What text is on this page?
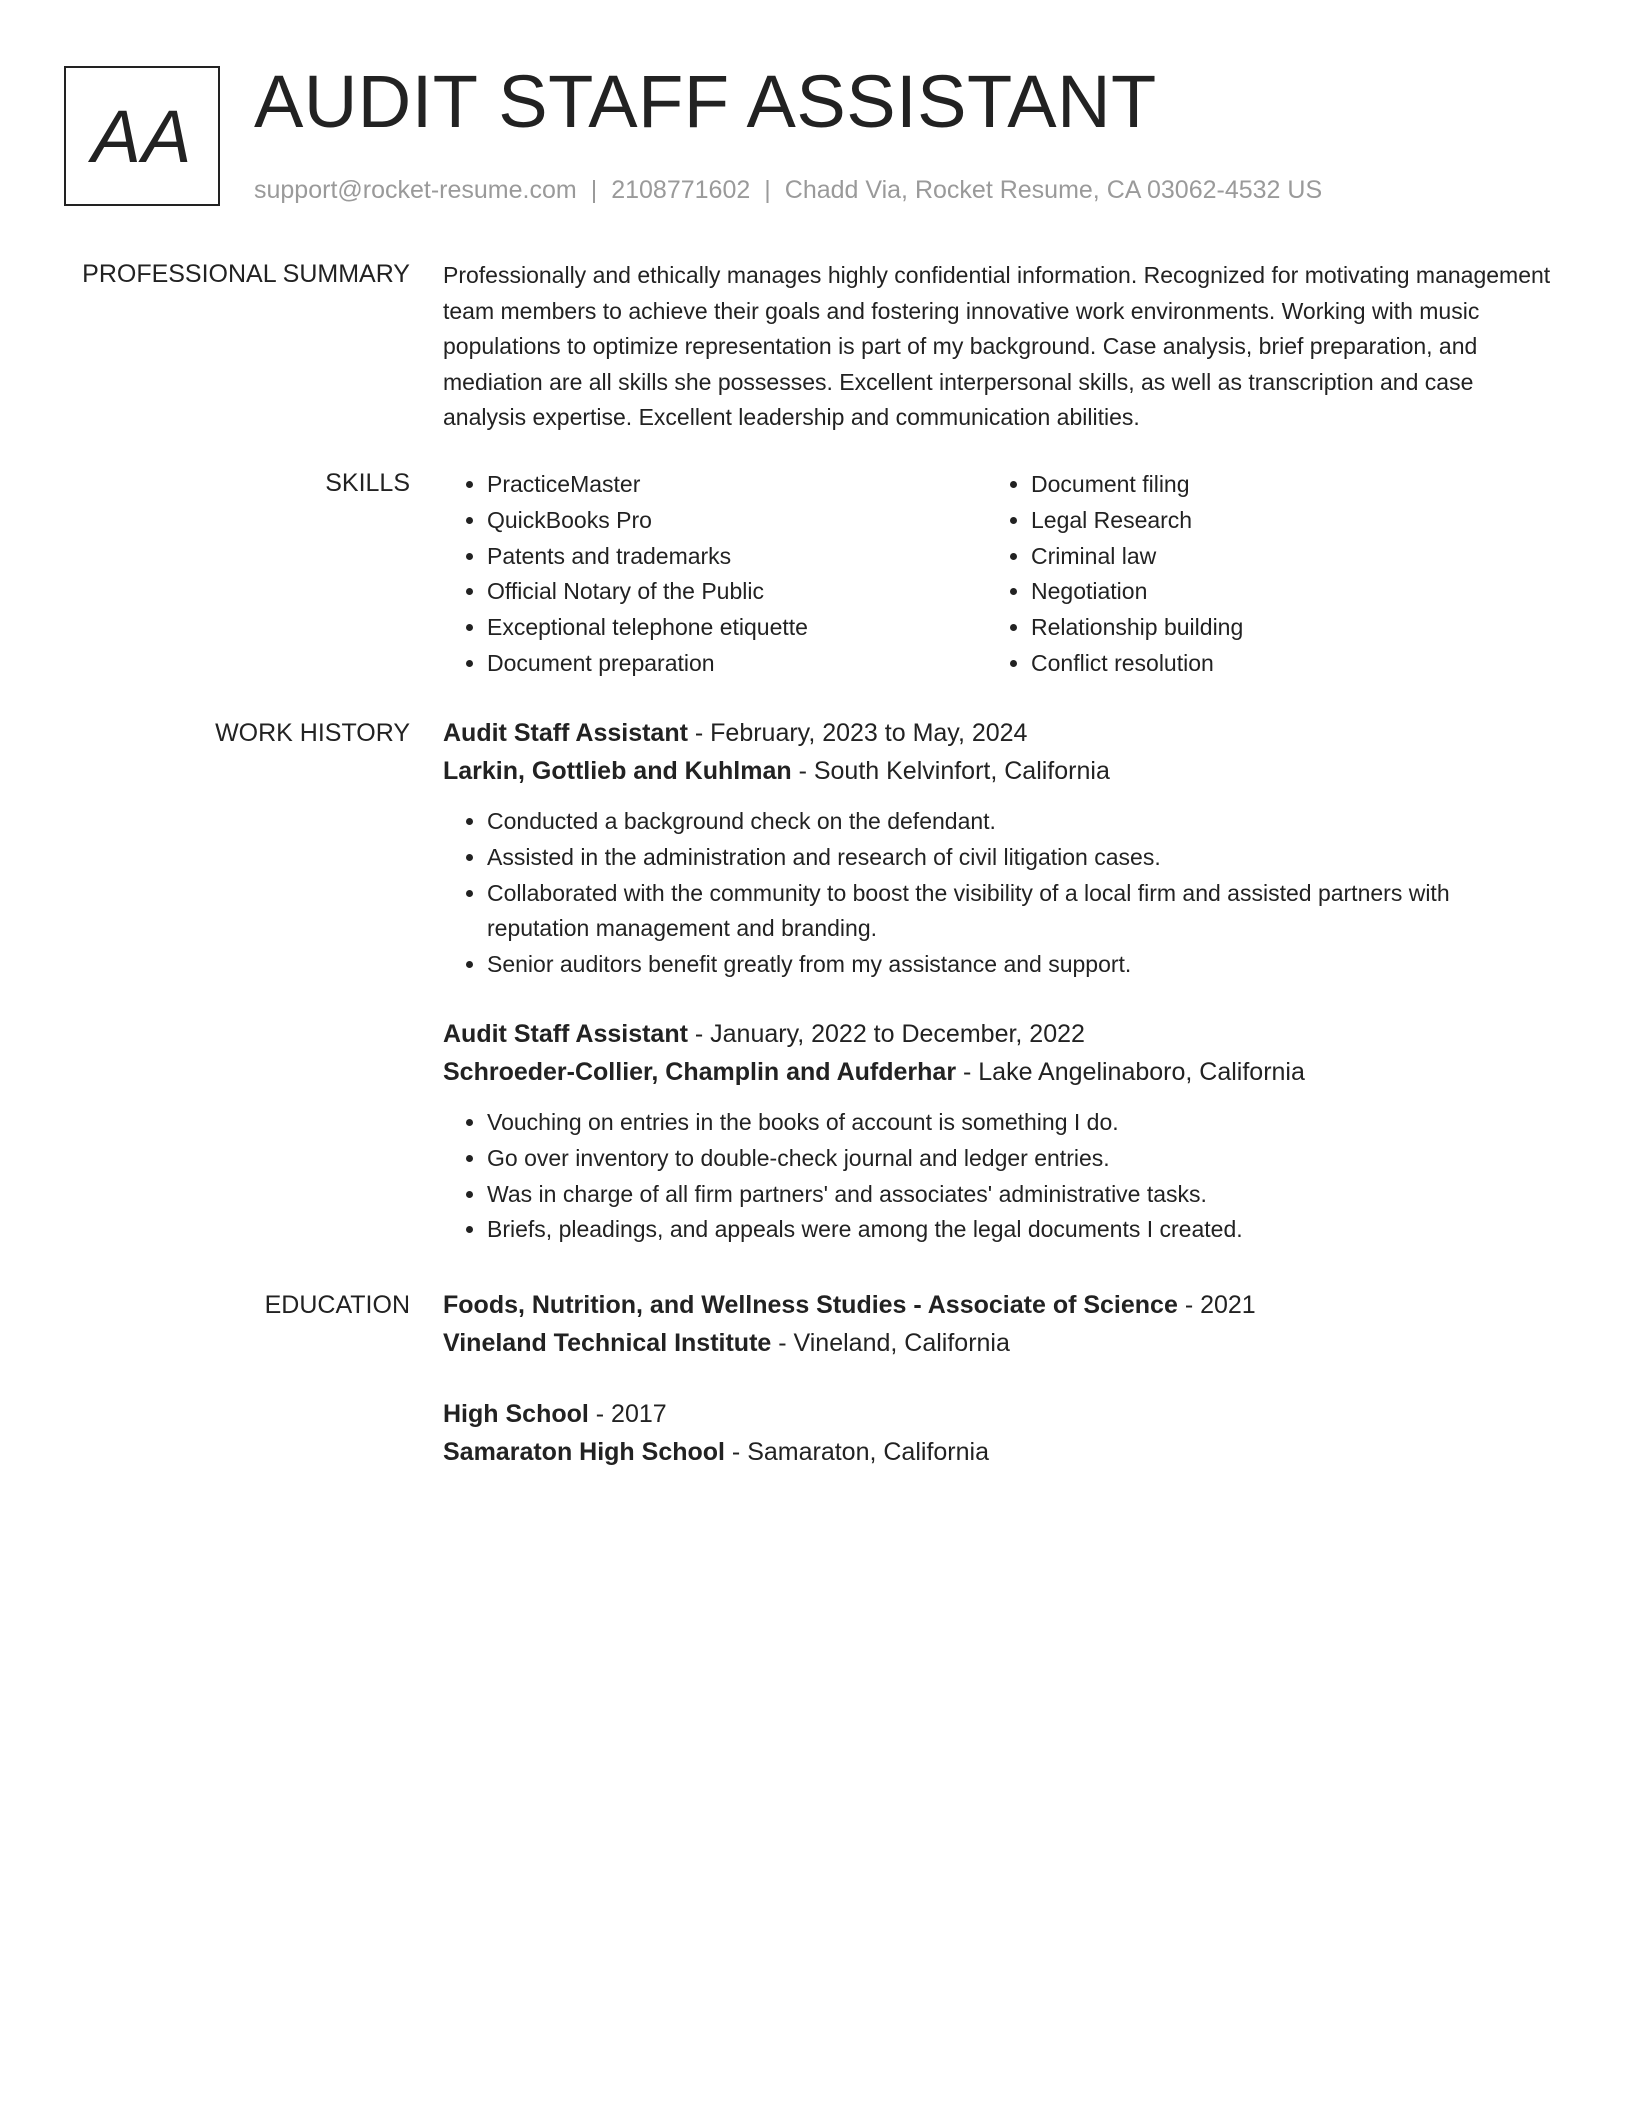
AA AUDIT STAFF ASSISTANT
support@rocket-resume.com | 2108771602 | Chadd Via, Rocket Resume, CA 03062-4532 US
PROFESSIONAL SUMMARY Professionally and ethically manages highly confidential information. Recognized for motivating management team members to achieve their goals and fostering innovative work environments. Working with music populations to optimize representation is part of my background. Case analysis, brief preparation, and mediation are all skills she possesses. Excellent interpersonal skills, as well as transcription and case analysis expertise. Excellent leadership and communication abilities.

SKILLS
•	PracticeMaster
• QuickBooks Pro
• Patents and trademarks
• Official Notary of the Public
• Exceptional telephone etiquette
• Document preparation
• Document filing
• Legal Research
• Criminal law
• Negotiation
• Relationship building
• Conflict resolution
WORK HISTORY Audit Staff Assistant - February, 2023 to May, 2024
Larkin, Gottlieb and Kuhlman - South Kelvinfort, California
• Conducted a background check on the defendant.
• Assisted in the administration and research of civil litigation cases.
• Collaborated with the community to boost the visibility of a local firm and assisted partners with reputation management and branding.
• Senior auditors benefit greatly from my assistance and support.
Audit Staff Assistant - January, 2022 to December, 2022
Schroeder-Collier, Champlin and Aufderhar - Lake Angelinaboro, California
• Vouching on entries in the books of account is something I do.
• Go over inventory to double-check journal and ledger entries.
• Was in charge of all firm partners' and associates' administrative tasks.
• Briefs, pleadings, and appeals were among the legal documents I created.
EDUCATION Foods, Nutrition, and Wellness Studies - Associate of Science - 2021
Vineland Technical Institute - Vineland, California
High School - 2017
Samaraton High School - Samaraton, California
